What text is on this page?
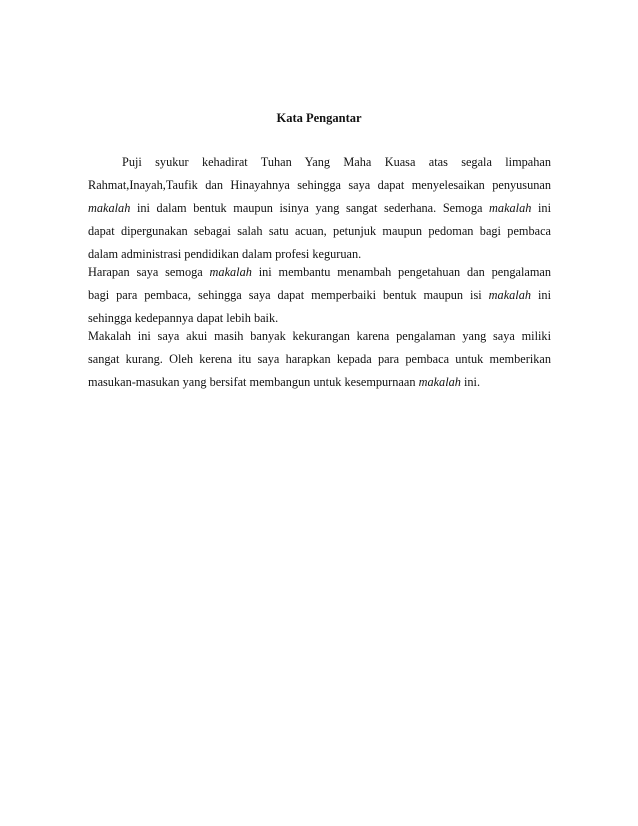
Kata Pengantar
Puji syukur kehadirat Tuhan Yang Maha Kuasa atas segala limpahan
Rahmat,Inayah,Taufik dan Hinayahnya sehingga saya dapat menyelesaikan penyusunan
makalah ini dalam bentuk maupun isinya yang sangat sederhana. Semoga makalah ini
dapat dipergunakan sebagai salah satu acuan, petunjuk maupun pedoman bagi pembaca
dalam administrasi pendidikan dalam profesi keguruan.
Harapan saya semoga makalah ini membantu menambah pengetahuan dan pengalaman
bagi para pembaca, sehingga saya dapat memperbaiki bentuk maupun isi makalah ini
sehingga kedepannya dapat lebih baik.
Makalah ini saya akui masih banyak kekurangan karena pengalaman yang saya miliki
sangat kurang. Oleh kerena itu saya harapkan kepada para pembaca untuk memberikan
masukan-masukan yang bersifat membangun untuk kesempurnaan makalah ini.
